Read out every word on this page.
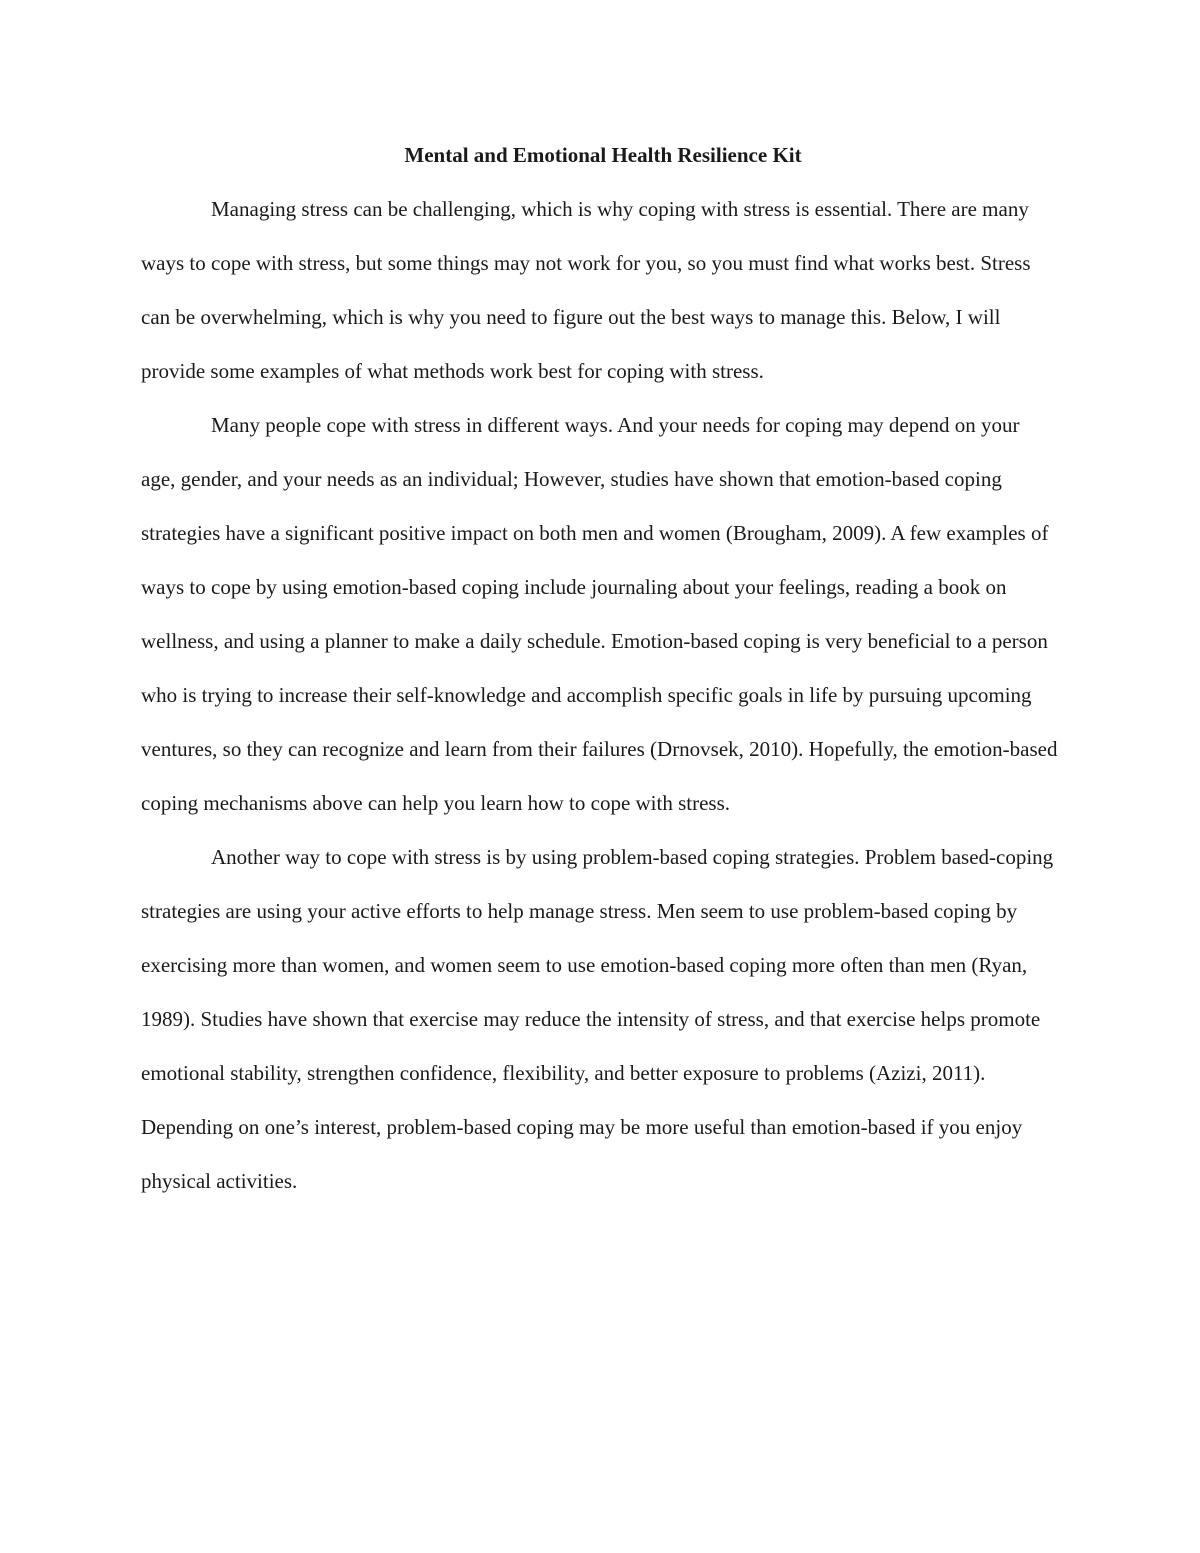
Mental and Emotional Health Resilience Kit

Managing stress can be challenging, which is why coping with stress is essential. There are many ways to cope with stress, but some things may not work for you, so you must find what works best. Stress can be overwhelming, which is why you need to figure out the best ways to manage this. Below, I will provide some examples of what methods work best for coping with stress.

Many people cope with stress in different ways. And your needs for coping may depend on your age, gender, and your needs as an individual; However, studies have shown that emotion-based coping strategies have a significant positive impact on both men and women (Brougham, 2009). A few examples of ways to cope by using emotion-based coping include journaling about your feelings, reading a book on wellness, and using a planner to make a daily schedule. Emotion-based coping is very beneficial to a person who is trying to increase their self-knowledge and accomplish specific goals in life by pursuing upcoming ventures, so they can recognize and learn from their failures (Drnovsek, 2010). Hopefully, the emotion-based coping mechanisms above can help you learn how to cope with stress.

Another way to cope with stress is by using problem-based coping strategies. Problem based-coping strategies are using your active efforts to help manage stress. Men seem to use problem-based coping by exercising more than women, and women seem to use emotion-based coping more often than men (Ryan, 1989). Studies have shown that exercise may reduce the intensity of stress, and that exercise helps promote emotional stability, strengthen confidence, flexibility, and better exposure to problems (Azizi, 2011). Depending on one’s interest, problem-based coping may be more useful than emotion-based if you enjoy physical activities.
